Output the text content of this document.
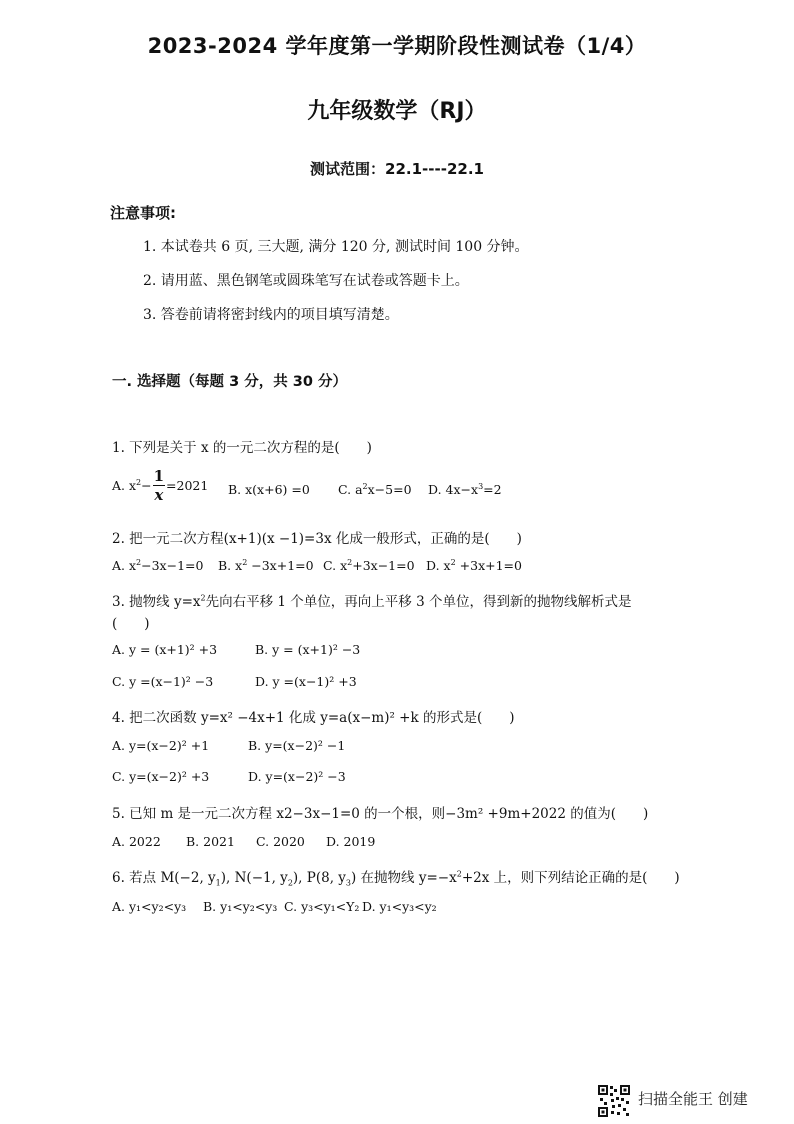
2023-2024 学年度第一学期阶段性测试卷（1/4）
九年级数学（RJ）
测试范围：22.1----22.1
注意事项:
1. 本试卷共 6 页, 三大题, 满分 120 分, 测试时间 100 分钟。
2. 请用蓝、黑色钢笔或圆珠笔写在试卷或答题卡上。
3. 答卷前请将密封线内的项目填写清楚。
一. 选择题（每题 3 分，共 30 分）
1. 下列是关于 x 的一元二次方程的是(　　)
A. $x^2- \frac{1}{x} =2021$ B. x(x+6) =0 C. $a^2x-5=0$ D. $4x-x^3=2$
2. 把一元二次方程(x+1)(x −1)=3x 化成一般形式，正确的是(　　)
A. $x^2-3x-1=0$ B. $x^2 -3x+1=0$ C. $x^2+3x-1=0$ D. $x^2 +3x+1=0$
3. 抛物线 $y=x^2$先向右平移 1 个单位，再向上平移 3 个单位，得到新的抛物线解析式是
(　　)
A. y = (x+1)² +3	B. y = (x+1)² −3
C. y =(x−1)² −3	D. y =(x−1)² +3
4. 把二次函数 y=x² −4x+1 化成 y=a(x−m)² +k 的形式是(　　)
A. y=(x−2)² +1	B. y=(x−2)² −1
C. y=(x−2)² +3	D. y=(x−2)² −3
5. 已知 m 是一元二次方程 x2−3x−1=0 的一个根，则−3m² +9m+2022 的值为(　　)
A. 2022 B. 2021 C. 2020 D. 2019
6. 若点 M(−2, $y_1$), N(−1, $y_2$), P(8, $y_3$) 在抛物线 $y=-x^2+2x$ 上，则下列结论正确的是(　　)
A. y₁<y₂<y₃ B. y₁<y₂<y₃ C. y₃<y₁<Y₂ D. y₁<y₃<y₂
扫描全能王 创建
